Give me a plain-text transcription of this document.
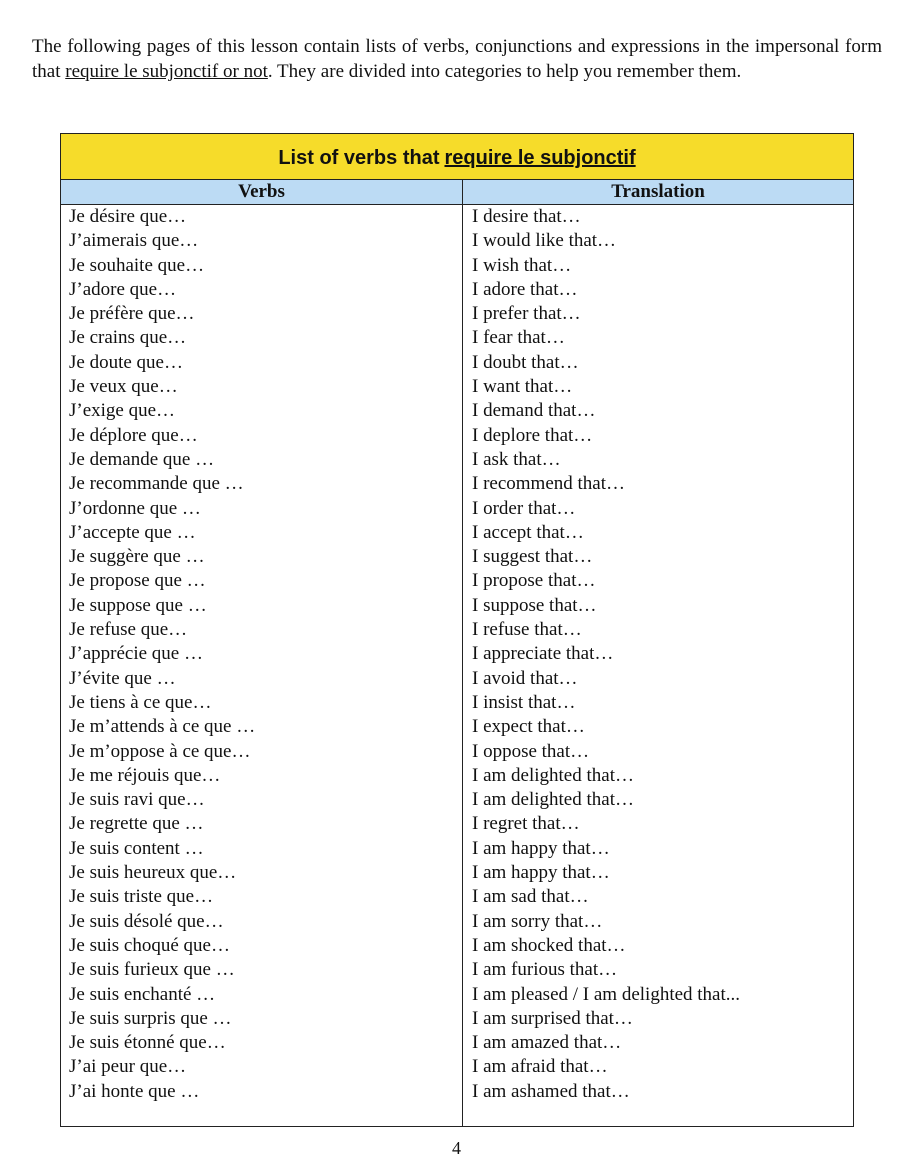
The following pages of this lesson contain lists of verbs, conjunctions and expressions in the impersonal form that require le subjonctif or not. They are divided into categories to help you remember them.

List of verbs that require le subjonctif
Verbs	Translation
Je désire que…
J’aimerais que…
Je souhaite que…
J’adore que…
Je préfère que…
Je crains que…
Je doute que…
Je veux que…
J’exige que…
Je déplore que…
Je demande que …
Je recommande que …
J’ordonne que …
J’accepte que …
Je suggère que …
Je propose que …
Je suppose que …
Je refuse que…
J’apprécie que …
J’évite que …
Je tiens à ce que…
Je m’attends à ce que …
Je m’oppose à ce que…
Je me réjouis que…
Je suis ravi que…
Je regrette que …
Je suis content …
Je suis heureux que…
Je suis triste que…
Je suis désolé que…
Je suis choqué que…
Je suis furieux que …
Je suis enchanté …
Je suis surpris que …
Je suis étonné que…
J’ai peur que…
J’ai honte que …
I desire that…
I would like that…
I wish that…
I adore that…
I prefer that…
I fear that…
I doubt that…
I want that…
I demand that…
I deplore that…
I ask that…
I recommend that…
I order that…
I accept that…
I suggest that…
I propose that…
I suppose that…
I refuse that…
I appreciate that…
I avoid that…
I insist that…
I expect that…
I oppose that…
I am delighted that…
I am delighted that…
I regret that…
I am happy that…
I am happy that…
I am sad that…
I am sorry that…
I am shocked that…
I am furious that…
I am pleased / I am delighted that...
I am surprised that…
I am amazed that…
I am afraid that…
I am ashamed that…
4
